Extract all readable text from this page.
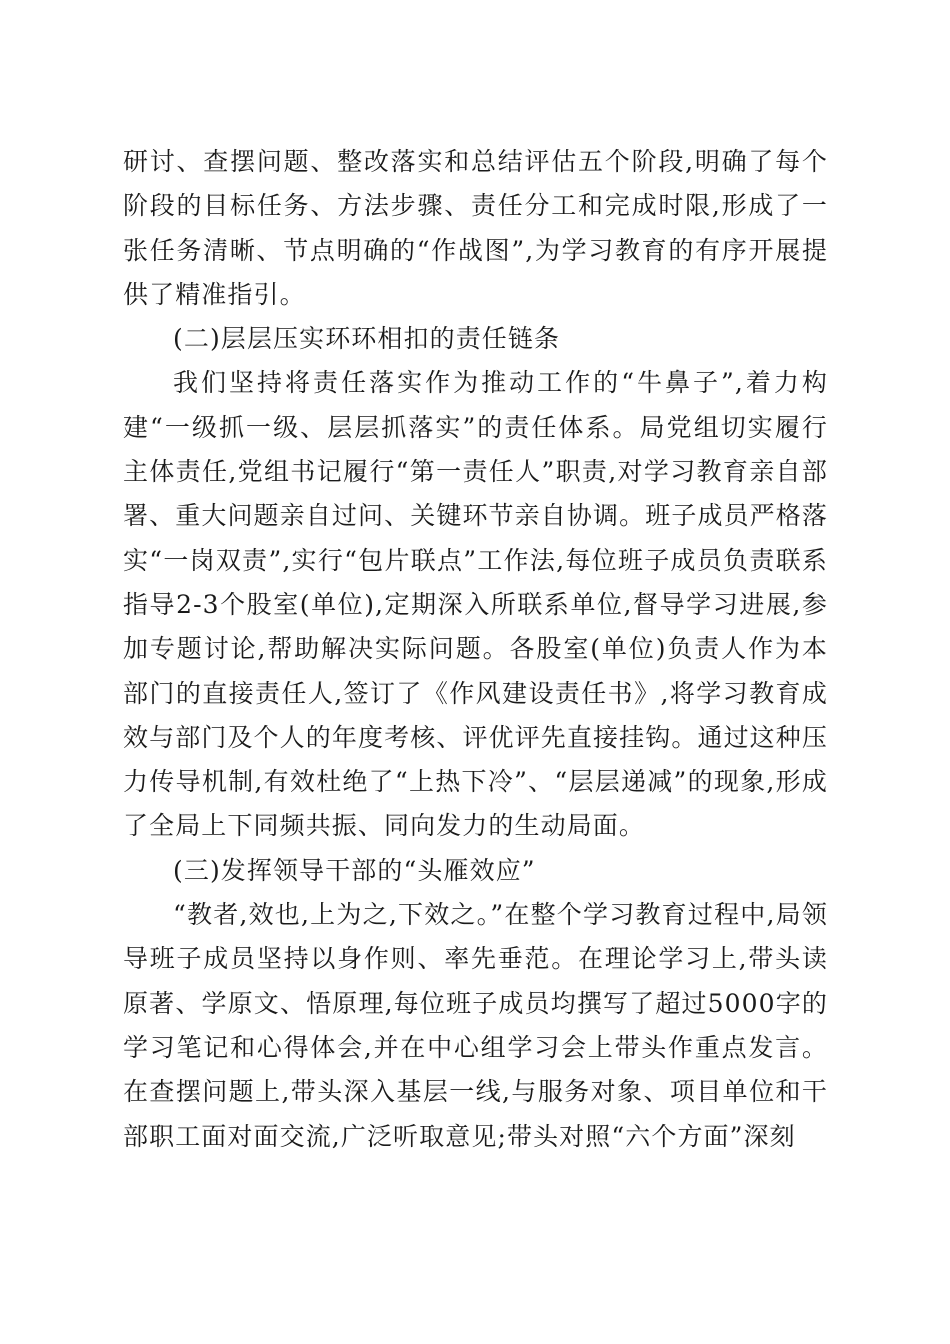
研讨、查摆问题、整改落实和总结评估五个阶段,明确了每个阶段的目标任务、方法步骤、责任分工和完成时限,形成了一张任务清晰、节点明确的“作战图”,为学习教育的有序开展提供了精准指引。

(二)层层压实环环相扣的责任链条

我们坚持将责任落实作为推动工作的“牛鼻子”,着力构建“一级抓一级、层层抓落实”的责任体系。局党组切实履行主体责任,党组书记履行“第一责任人”职责,对学习教育亲自部署、重大问题亲自过问、关键环节亲自协调。班子成员严格落实“一岗双责”,实行“包片联点”工作法,每位班子成员负责联系指导2-3个股室(单位),定期深入所联系单位,督导学习进展,参加专题讨论,帮助解决实际问题。各股室(单位)负责人作为本部门的直接责任人,签订了《作风建设责任书》,将学习教育成效与部门及个人的年度考核、评优评先直接挂钩。通过这种压力传导机制,有效杜绝了“上热下冷”、“层层递减”的现象,形成了全局上下同频共振、同向发力的生动局面。

(三)发挥领导干部的“头雁效应”

“教者,效也,上为之,下效之。”在整个学习教育过程中,局领导班子成员坚持以身作则、率先垂范。在理论学习上,带头读原著、学原文、悟原理,每位班子成员均撰写了超过5000字的学习笔记和心得体会,并在中心组学习会上带头作重点发言。在查摆问题上,带头深入基层一线,与服务对象、项目单位和干部职工面对面交流,广泛听取意见;带头对照“六个方面”深刻
